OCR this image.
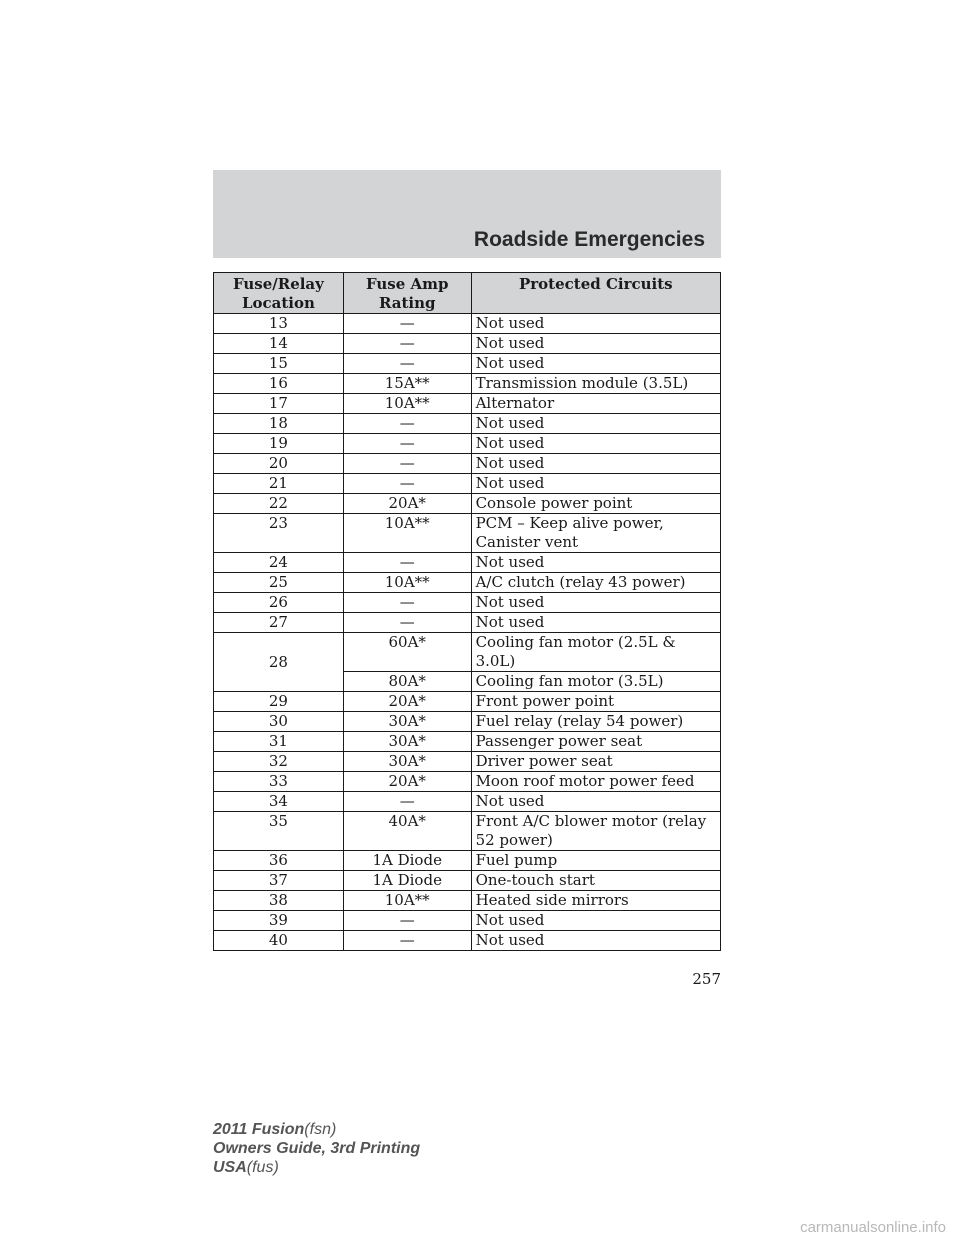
Roadside Emergencies
Fuse/Relay Location	Fuse Amp Rating	Protected Circuits
13	—	Not used
14	—	Not used
15	—	Not used
16	15A**	Transmission module (3.5L)
17	10A**	Alternator
18	—	Not used
19	—	Not used
20	—	Not used
21	—	Not used
22	20A*	Console power point
23	10A**	PCM – Keep alive power, Canister vent
24	—	Not used
25	10A**	A/C clutch (relay 43 power)
26	—	Not used
27	—	Not used
28	60A*	Cooling fan motor (2.5L & 3.0L)
	80A*	Cooling fan motor (3.5L)
29	20A*	Front power point
30	30A*	Fuel relay (relay 54 power)
31	30A*	Passenger power seat
32	30A*	Driver power seat
33	20A*	Moon roof motor power feed
34	—	Not used
35	40A*	Front A/C blower motor (relay 52 power)
36	1A Diode	Fuel pump
37	1A Diode	One-touch start
38	10A**	Heated side mirrors
39	—	Not used
40	—	Not used
257
2011 Fusion(fsn)
Owners Guide, 3rd Printing
USA(fus)
carmanualsonline.info
